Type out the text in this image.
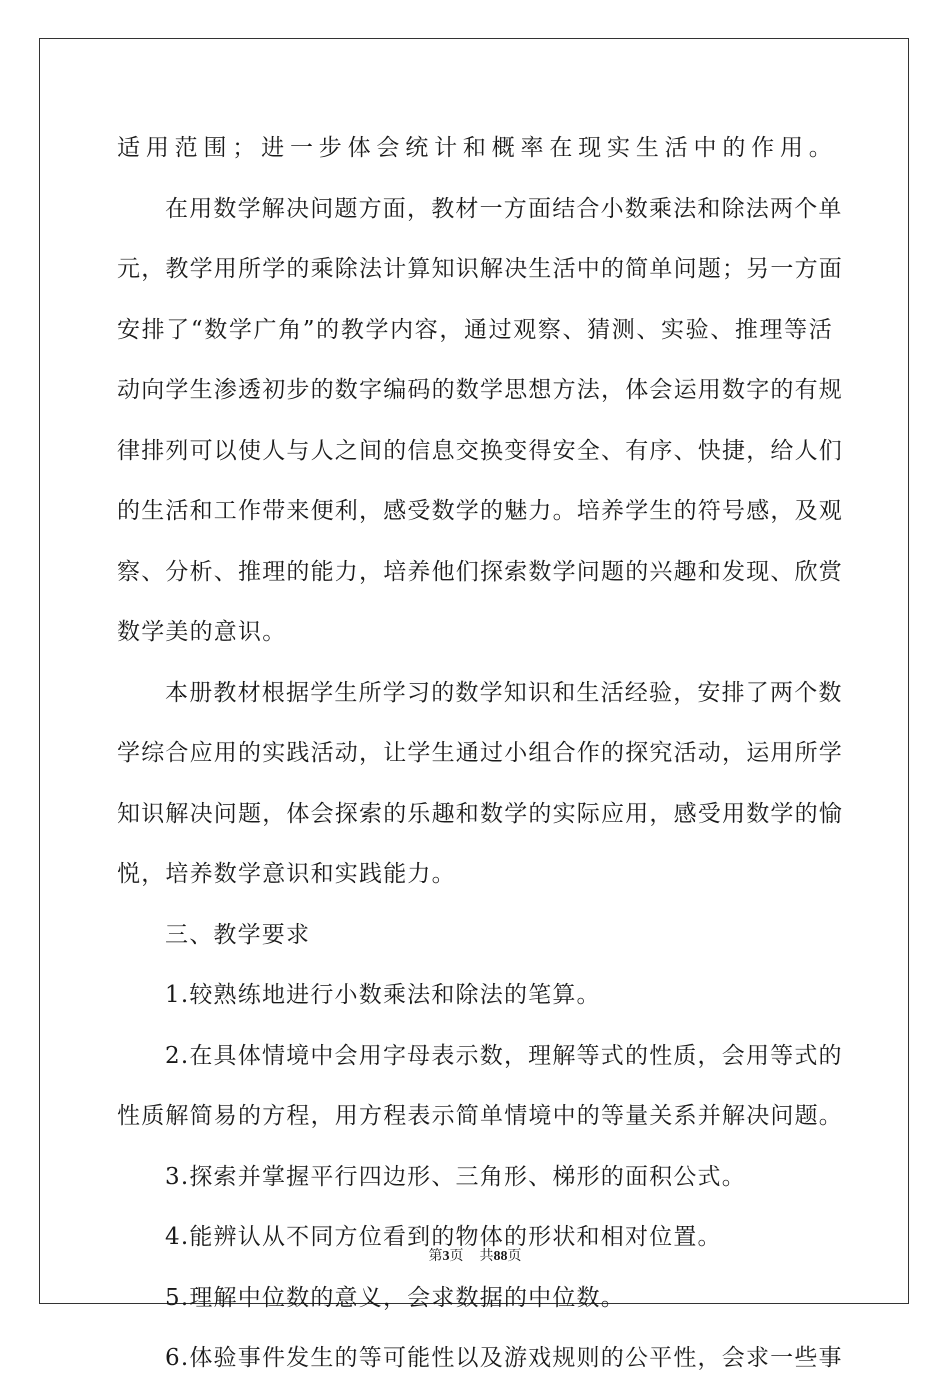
适用范围；进一步体会统计和概率在现实生活中的作用。
在用数学解决问题方面，教材一方面结合小数乘法和除法两个单
元，教学用所学的乘除法计算知识解决生活中的简单问题；另一方面
安排了“数学广角”的教学内容，通过观察、猜测、实验、推理等活
动向学生渗透初步的数字编码的数学思想方法，体会运用数字的有规
律排列可以使人与人之间的信息交换变得安全、有序、快捷，给人们
的生活和工作带来便利，感受数学的魅力。培养学生的符号感，及观
察、分析、推理的能力，培养他们探索数学问题的兴趣和发现、欣赏
数学美的意识。
本册教材根据学生所学习的数学知识和生活经验，安排了两个数
学综合应用的实践活动，让学生通过小组合作的探究活动，运用所学
知识解决问题，体会探索的乐趣和数学的实际应用，感受用数学的愉
悦，培养数学意识和实践能力。
三、教学要求
1.较熟练地进行小数乘法和除法的笔算。
2.在具体情境中会用字母表示数，理解等式的性质，会用等式的
性质解简易的方程，用方程表示简单情境中的等量关系并解决问题。
3.探索并掌握平行四边形、三角形、梯形的面积公式。
4.能辨认从不同方位看到的物体的形状和相对位置。
5.理解中位数的意义，会求数据的中位数。
6.体验事件发生的等可能性以及游戏规则的公平性，会求一些事
第3页 共88页
